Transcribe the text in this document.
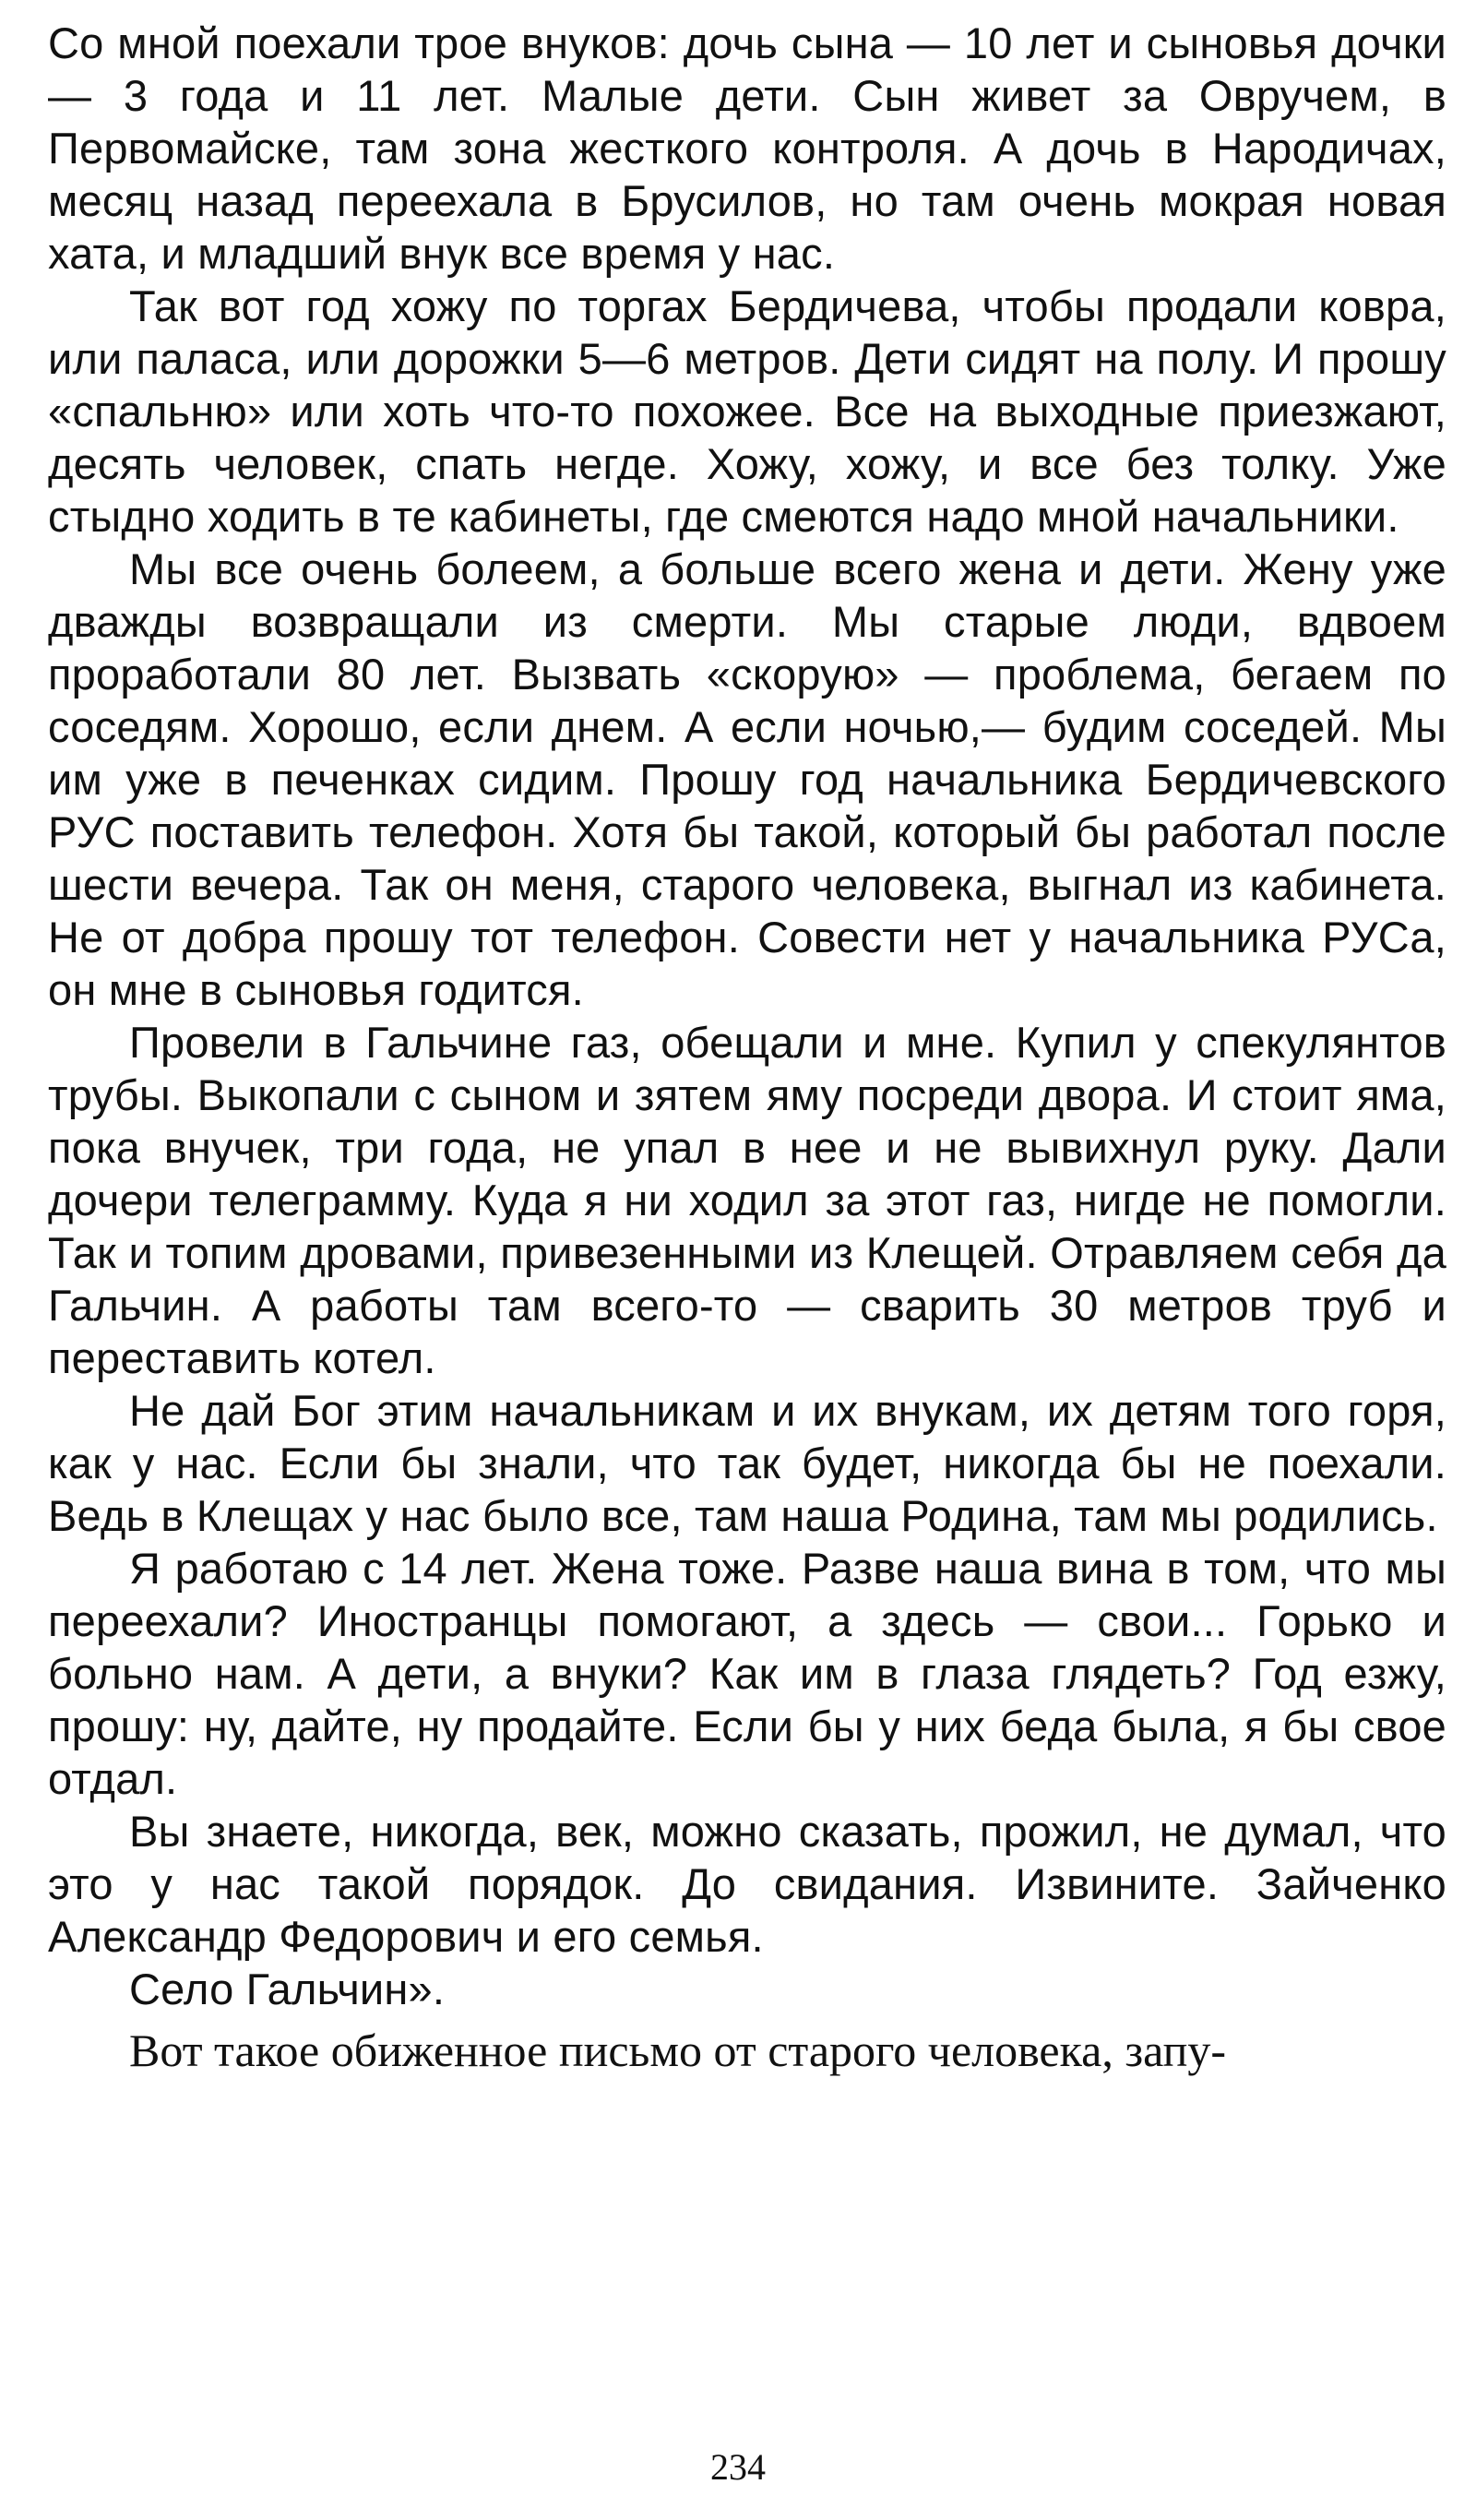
Со мной поехали трое внуков: дочь сына — 10 лет и сыновья дочки — 3 года и 11 лет. Малые дети. Сын живет за Овручем, в Первомайске, там зона жесткого контроля. А дочь в Народичах, месяц назад переехала в Брусилов, но там очень мокрая новая хата, и младший внук все время у нас.

Так вот год хожу по торгах Бердичева, чтобы продали ковра, или паласа, или дорожки 5—6 метров. Дети сидят на полу. И прошу «спальню» или хоть что-то похожее. Все на выходные приезжают, десять человек, спать негде. Хожу, хожу, и все без толку. Уже стыдно ходить в те кабинеты, где смеются надо мной начальники.

Мы все очень болеем, а больше всего жена и дети. Жену уже дважды возвращали из смерти. Мы старые люди, вдвоем проработали 80 лет. Вызвать «скорую» — проблема, бегаем по соседям. Хорошо, если днем. А если ночью,— будим соседей. Мы им уже в печенках сидим. Прошу год начальника Бердичевского РУС поставить телефон. Хотя бы такой, который бы работал после шести вечера. Так он меня, старого человека, выгнал из кабинета. Не от добра прошу тот телефон. Совести нет у начальника РУСа, он мне в сыновья годится.

Провели в Гальчине газ, обещали и мне. Купил у спекулянтов трубы. Выкопали с сыном и зятем яму посреди двора. И стоит яма, пока внучек, три года, не упал в нее и не вывихнул руку. Дали дочери телеграмму. Куда я ни ходил за этот газ, нигде не помогли. Так и топим дровами, привезенными из Клещей. Отравляем себя да Гальчин. А работы там всего-то — сварить 30 метров труб и переставить котел.

Не дай Бог этим начальникам и их внукам, их детям того горя, как у нас. Если бы знали, что так будет, никогда бы не поехали. Ведь в Клещах у нас было все, там наша Родина, там мы родились.

Я работаю с 14 лет. Жена тоже. Разве наша вина в том, что мы переехали? Иностранцы помогают, а здесь — свои... Горько и больно нам. А дети, а внуки? Как им в глаза глядеть? Год езжу, прошу: ну, дайте, ну продайте. Если бы у них беда была, я бы свое отдал.

Вы знаете, никогда, век, можно сказать, прожил, не думал, что это у нас такой порядок. До свидания. Извините. Зайченко Александр Федорович и его семья.

Село Гальчин».

Вот такое обиженное письмо от старого человека, запу-

234
